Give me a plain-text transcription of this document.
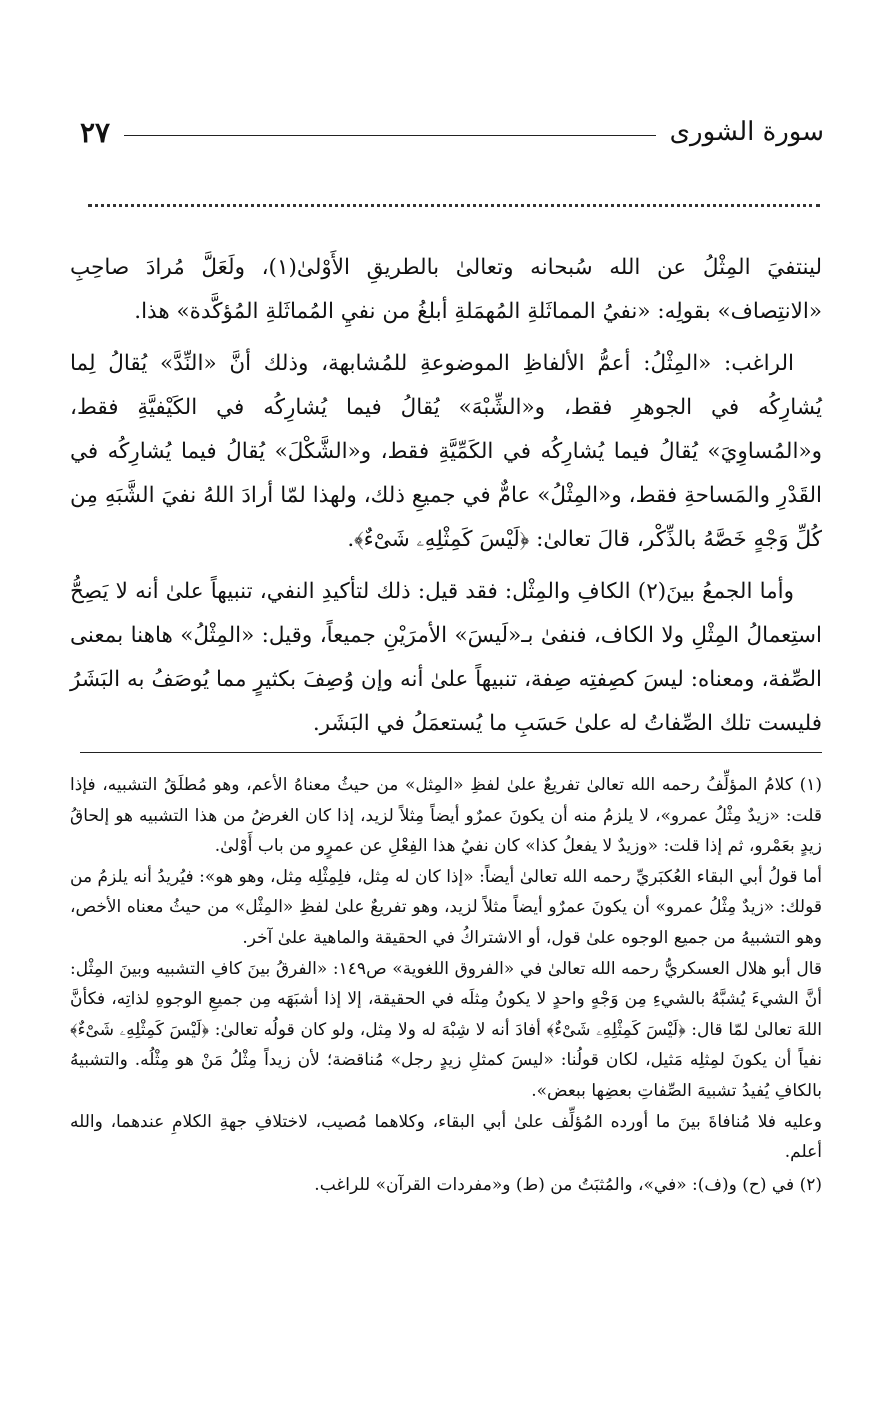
سورة الشورى
٢٧

لينتفيَ المِثْلُ عن الله سُبحانه وتعالىٰ بالطريقِ الأَوْلىٰ(١)، ولَعَلَّ مُرادَ صاحِبِ «الانتِصاف» بقولِه: «نفيُ المماثَلةِ المُهمَلةِ أبلغُ من نفيِ المُماثَلةِ المُؤكَّدة» هذا.

الراغب: «المِثْلُ: أعمُّ الألفاظِ الموضوعةِ للمُشابهة، وذلك أنَّ «النِّدَّ» يُقالُ لِما يُشارِكُه في الجوهرِ فقط، و«الشِّبْهَ» يُقالُ فيما يُشارِكُه في الكَيْفيَّةِ فقط، و«المُساوِيَ» يُقالُ فيما يُشارِكُه في الكَمِّيَّةِ فقط، و«الشَّكْلَ» يُقالُ فيما يُشارِكُه في القَدْرِ والمَساحةِ فقط، و«المِثْلُ» عامٌّ في جميعِ ذلك، ولهذا لمّا أرادَ اللهُ نفيَ الشَّبَهِ مِن كُلِّ وَجْهٍ خَصَّهُ بالذِّكْر، قالَ تعالىٰ: ﴿لَيْسَ كَمِثْلِهِۦ شَىْءٌ﴾.

وأما الجمعُ بينَ(٢) الكافِ والمِثْل: فقد قيل: ذلك لتأكيدِ النفي، تنبيهاً علىٰ أنه لا يَصِحُّ استِعمالُ المِثْلِ ولا الكاف، فنفىٰ بـ«لَيسَ» الأمرَيْنِ جميعاً، وقيل: «المِثْلُ» هاهنا بمعنى الصِّفة، ومعناه: ليسَ كصِفتِه صِفة، تنبيهاً علىٰ أنه وإن وُصِفَ بكثيرٍ مما يُوصَفُ به البَشَرُ فليست تلك الصِّفاتُ له علىٰ حَسَبِ ما يُستعمَلُ في البَشَر.

(١) كلامُ المؤلِّفُ رحمه الله تعالىٰ تفريعٌ علىٰ لفظِ «المِثل» من حيثُ معناهُ الأعم، وهو مُطلَقُ التشبيه، فإذا قلت: «زيدٌ مِثْلُ عمرو»، لا يلزمُ منه أن يكونَ عمرٌو أيضاً مِثلاً لزيد، إذا كان الغرضُ من هذا التشبيه هو إلحاقُ زيدٍ بعَمْرو، ثم إذا قلت: «وزيدٌ لا يفعلُ كذا» كان نفيُ هذا الفِعْلِ عن عمرٍو من باب أَوْلىٰ.

أما قولُ أبي البقاء العُكبَريِّ رحمه الله تعالىٰ أيضاً: «إذا كان له مِثل، فلِمِثْلِه مِثل، وهو هو»: فيُريدُ أنه يلزمُ من قولك: «زيدٌ مِثْلُ عمرو» أن يكونَ عمرٌو أيضاً مثلاً لزيد، وهو تفريعٌ علىٰ لفظِ «المِثْل» من حيثُ معناه الأخص، وهو التشبيهُ من جميع الوجوه علىٰ قول، أو الاشتراكُ في الحقيقة والماهية علىٰ آخر.

قال أبو هلال العسكريُّ رحمه الله تعالىٰ في «الفروق اللغوية» ص١٤٩: «الفرقُ بينَ كافِ التشبيه وبينَ المِثْل: أنَّ الشيءَ يُشبَّهُ بالشيءِ مِن وَجْهٍ واحدٍ لا يكونُ مِثلَه في الحقيقة، إلا إذا أشبَهَه مِن جميعِ الوجوهِ لذاتِه، فكأنَّ اللهَ تعالىٰ لمّا قال: ﴿لَيْسَ كَمِثْلِهِۦ شَىْءٌ﴾ أفادَ أنه لا شِبْهَ له ولا مِثل، ولو كان قولُه تعالىٰ: ﴿لَيْسَ كَمِثْلِهِۦ شَىْءٌ﴾ نفياً أن يكونَ لمِثلِه مَثيل، لكان قولُنا: «ليسَ كمثلِ زيدٍ رجل» مُناقضة؛ لأن زيداً مِثْلُ مَنْ هو مِثْلُه. والتشبيهُ بالكافِ يُفيدُ تشبيهَ الصِّفاتِ بعضِها ببعض».

وعليه فلا مُنافاةَ بينَ ما أورده المُؤلِّف علىٰ أبي البقاء، وكلاهما مُصيب، لاختلافِ جهةِ الكلامِ عندهما، والله أعلم.

(٢) في (ح) و(ف): «في»، والمُثبَتُ من (ط) و«مفردات القرآن» للراغب.
